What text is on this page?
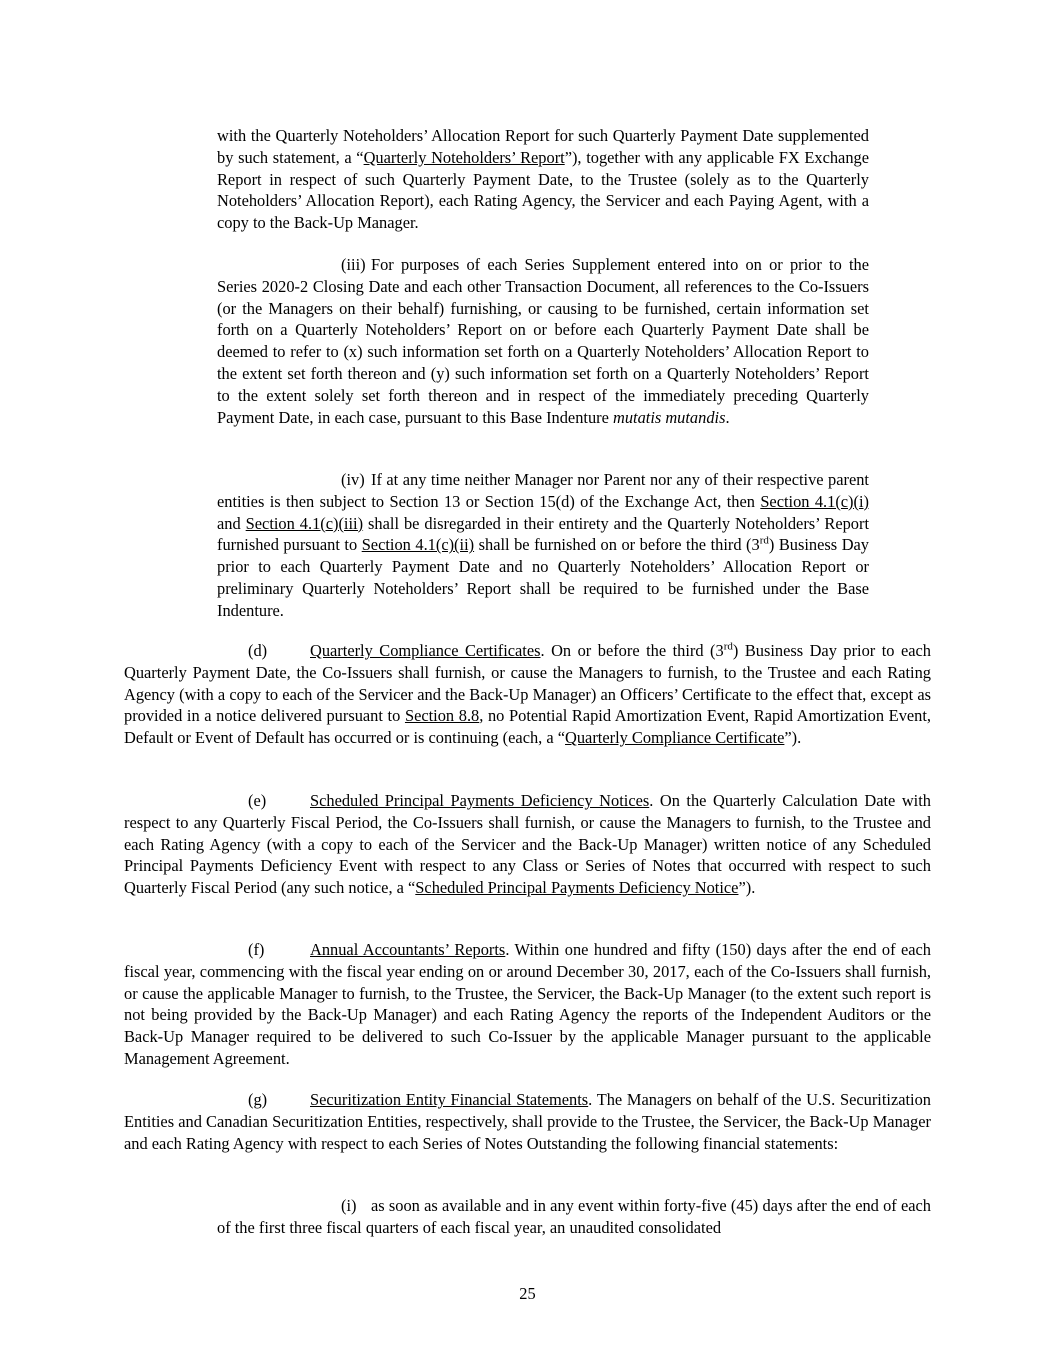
with the Quarterly Noteholders’ Allocation Report for such Quarterly Payment Date supplemented by such statement, a “Quarterly Noteholders’ Report”), together with any applicable FX Exchange Report in respect of such Quarterly Payment Date, to the Trustee (solely as to the Quarterly Noteholders’ Allocation Report), each Rating Agency, the Servicer and each Paying Agent, with a copy to the Back-Up Manager.

(iii) For purposes of each Series Supplement entered into on or prior to the Series 2020-2 Closing Date and each other Transaction Document, all references to the Co-Issuers (or the Managers on their behalf) furnishing, or causing to be furnished, certain information set forth on a Quarterly Noteholders’ Report on or before each Quarterly Payment Date shall be deemed to refer to (x) such information set forth on a Quarterly Noteholders’ Allocation Report to the extent set forth thereon and (y) such information set forth on a Quarterly Noteholders’ Report to the extent solely set forth thereon and in respect of the immediately preceding Quarterly Payment Date, in each case, pursuant to this Base Indenture mutatis mutandis.

(iv) If at any time neither Manager nor Parent nor any of their respective parent entities is then subject to Section 13 or Section 15(d) of the Exchange Act, then Section 4.1(c)(i) and Section 4.1(c)(iii) shall be disregarded in their entirety and the Quarterly Noteholders’ Report furnished pursuant to Section 4.1(c)(ii) shall be furnished on or before the third (3rd) Business Day prior to each Quarterly Payment Date and no Quarterly Noteholders’ Allocation Report or preliminary Quarterly Noteholders’ Report shall be required to be furnished under the Base Indenture.

(d)	Quarterly Compliance Certificates. On or before the third (3rd) Business Day prior to each Quarterly Payment Date, the Co-Issuers shall furnish, or cause the Managers to furnish, to the Trustee and each Rating Agency (with a copy to each of the Servicer and the Back-Up Manager) an Officers’ Certificate to the effect that, except as provided in a notice delivered pursuant to Section 8.8, no Potential Rapid Amortization Event, Rapid Amortization Event, Default or Event of Default has occurred or is continuing (each, a “Quarterly Compliance Certificate”).

(e)	Scheduled Principal Payments Deficiency Notices. On the Quarterly Calculation Date with respect to any Quarterly Fiscal Period, the Co-Issuers shall furnish, or cause the Managers to furnish, to the Trustee and each Rating Agency (with a copy to each of the Servicer and the Back-Up Manager) written notice of any Scheduled Principal Payments Deficiency Event with respect to any Class or Series of Notes that occurred with respect to such Quarterly Fiscal Period (any such notice, a “Scheduled Principal Payments Deficiency Notice”).

(f)	Annual Accountants’ Reports. Within one hundred and fifty (150) days after the end of each fiscal year, commencing with the fiscal year ending on or around December 30, 2017, each of the Co-Issuers shall furnish, or cause the applicable Manager to furnish, to the Trustee, the Servicer, the Back-Up Manager (to the extent such report is not being provided by the Back-Up Manager) and each Rating Agency the reports of the Independent Auditors or the Back-Up Manager required to be delivered to such Co-Issuer by the applicable Manager pursuant to the applicable Management Agreement.

(g)	Securitization Entity Financial Statements. The Managers on behalf of the U.S. Securitization Entities and Canadian Securitization Entities, respectively, shall provide to the Trustee, the Servicer, the Back-Up Manager and each Rating Agency with respect to each Series of Notes Outstanding the following financial statements:

(i) as soon as available and in any event within forty-five (45) days after the end of each of the first three fiscal quarters of each fiscal year, an unaudited consolidated

25
